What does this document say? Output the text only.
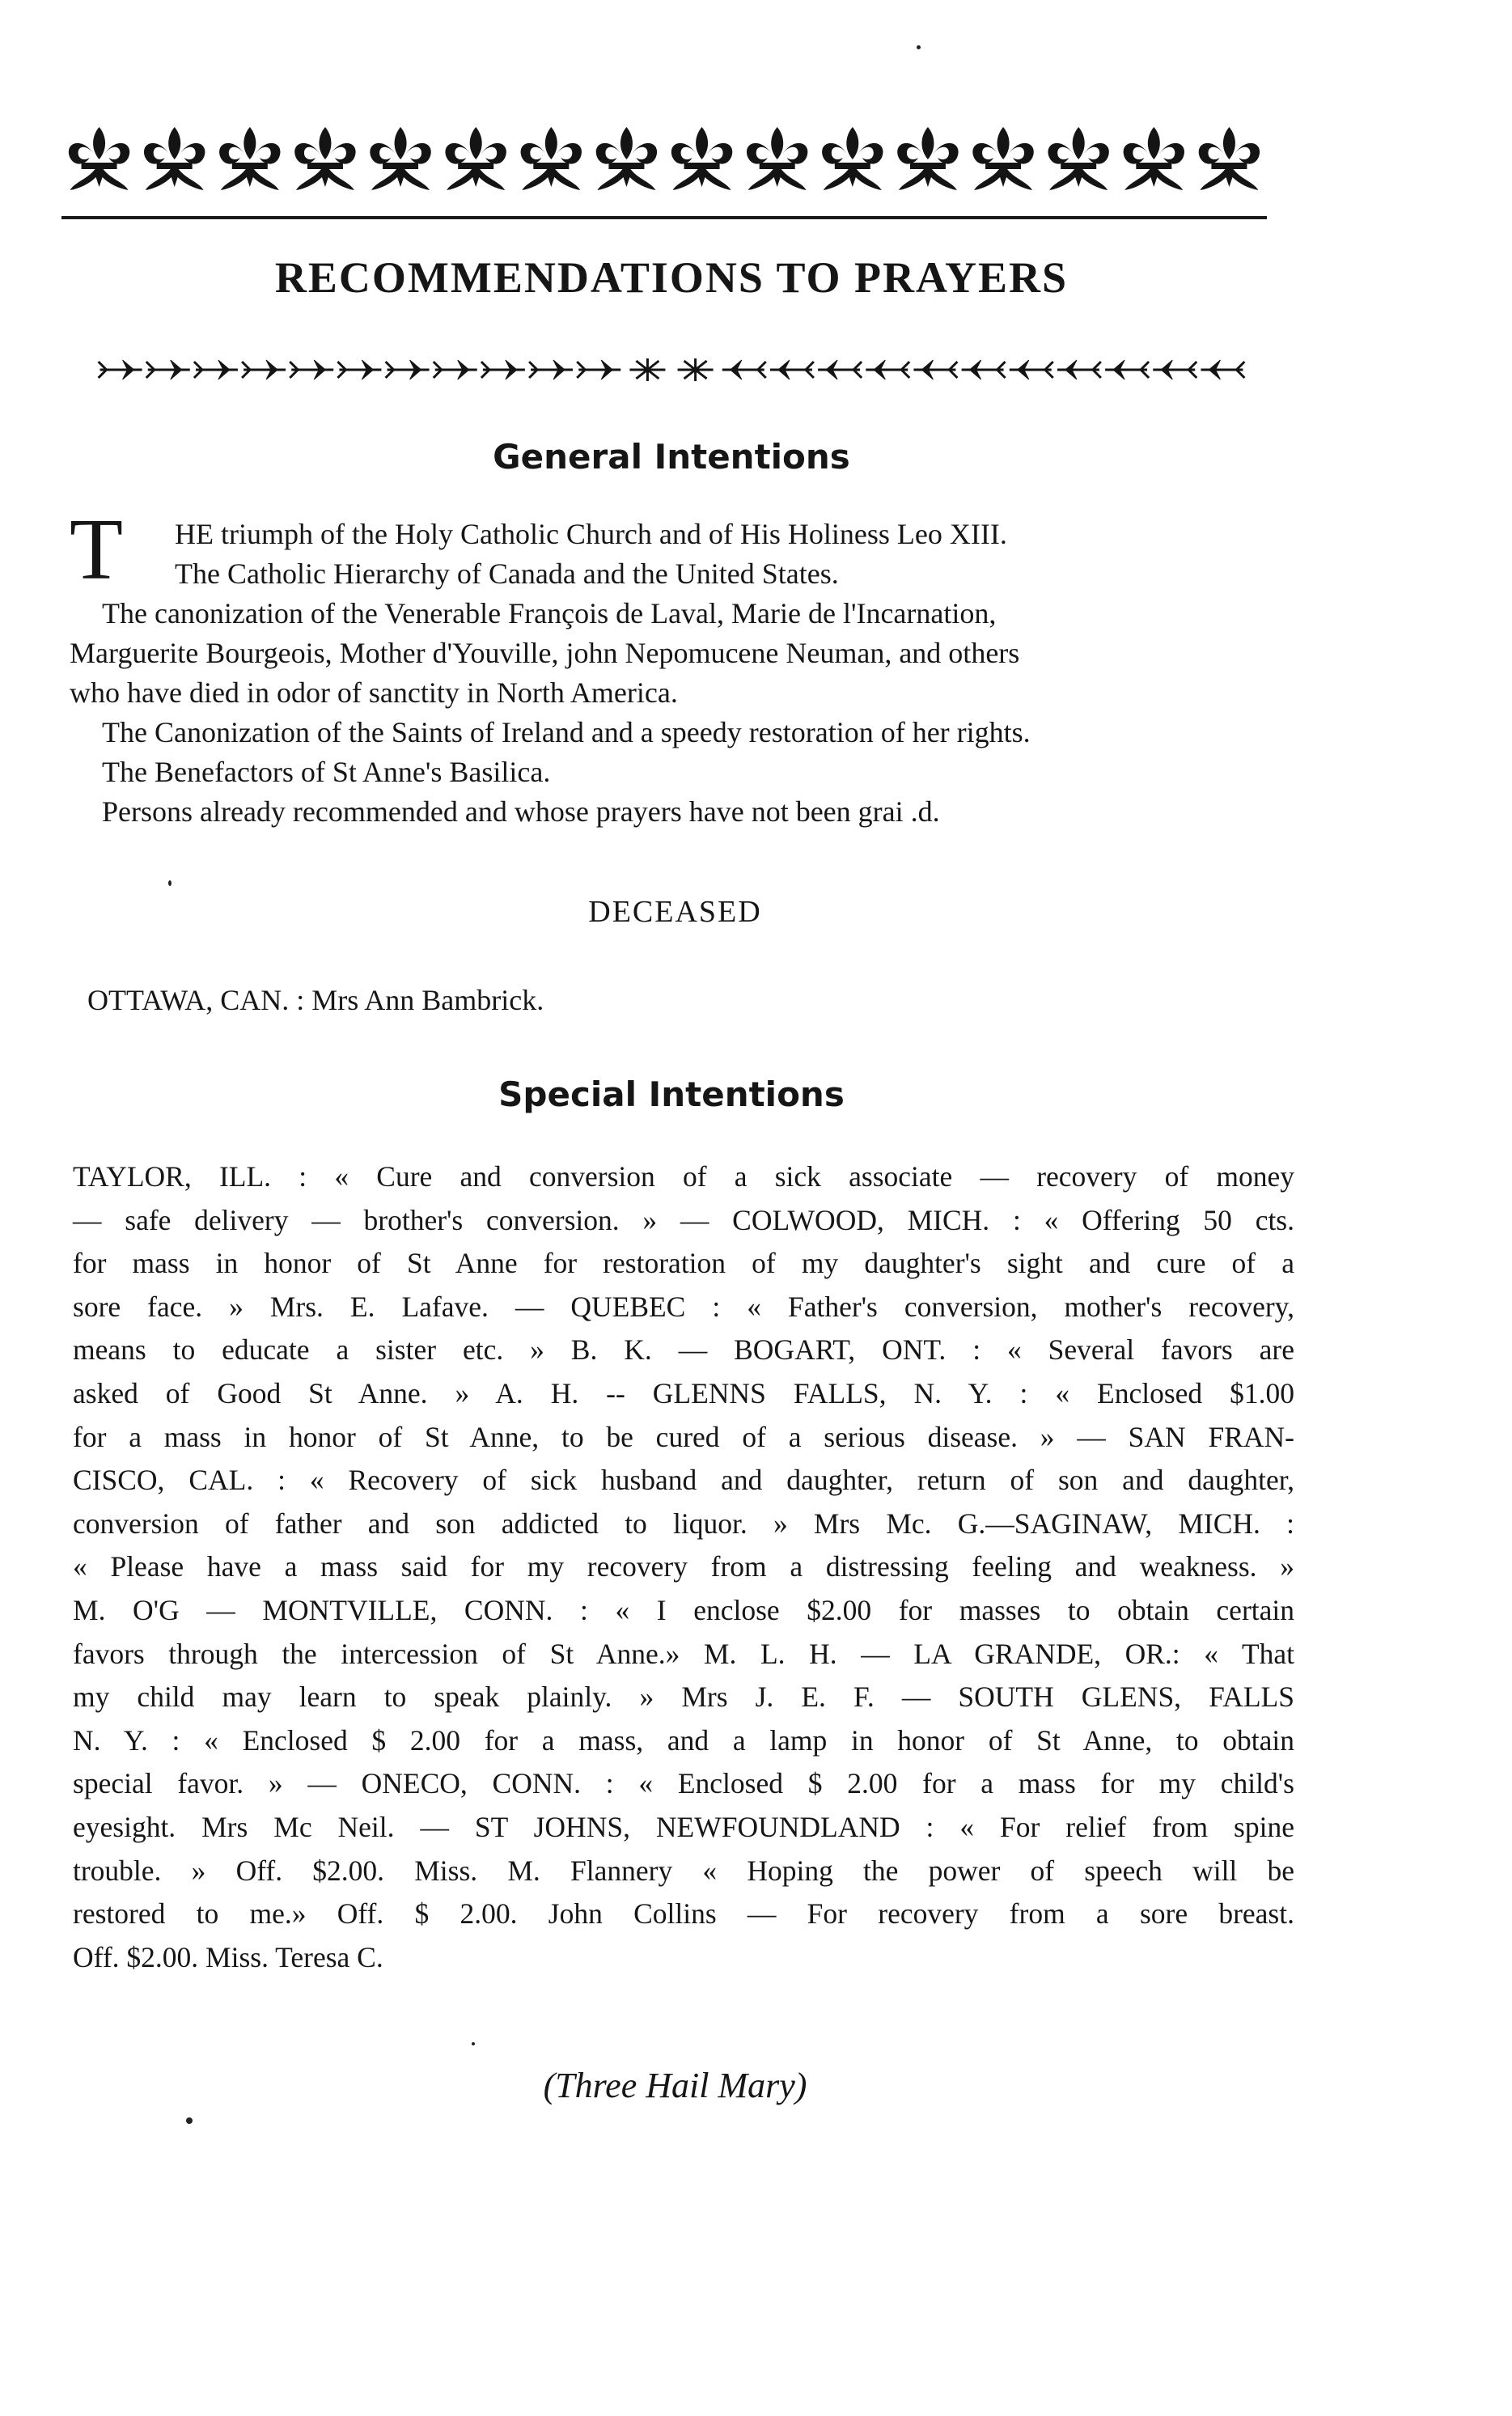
RECOMMENDATIONS TO PRAYERS
General Intentions

T HE triumph of the Holy Catholic Church and of His Holiness Leo XIII.

The Catholic Hierarchy of Canada and the United States.

The canonization of the Venerable François de Laval, Marie de l'Incarnation,

Marguerite Bourgeois, Mother d'Youville, john Nepomucene Neuman, and others

who have died in odor of sanctity in North America.

The Canonization of the Saints of Ireland and a speedy restoration of her rights.

The Benefactors of St Anne's Basilica.

Persons already recommended and whose prayers have not been grai .d.

DECEASED
OTTAWA, CAN. : Mrs Ann Bambrick.
Special Intentions
TAYLOR, ILL. : « Cure and conversion of a sick associate — recovery of money
— safe delivery — brother's conversion. » — COLWOOD, MICH. : « Offering 50 cts.
for mass in honor of St Anne for restoration of my daughter's sight and cure of a
sore face. » Mrs. E. Lafave. — QUEBEC : « Father's conversion, mother's recovery,
means to educate a sister etc. » B. K. — BOGART, ONT. : « Several favors are
asked of Good St Anne. » A. H. -- GLENNS FALLS, N. Y. : « Enclosed $1.00
for a mass in honor of St Anne, to be cured of a serious disease. » — SAN FRAN-
CISCO, CAL. : « Recovery of sick husband and daughter, return of son and daughter,
conversion of father and son addicted to liquor. » Mrs Mc. G.—SAGINAW, MICH. :
« Please have a mass said for my recovery from a distressing feeling and weakness. »
M. O'G — MONTVILLE, CONN. : « I enclose $2.00 for masses to obtain certain
favors through the intercession of St Anne.» M. L. H. — LA GRANDE, OR.: « That
my child may learn to speak plainly. » Mrs J. E. F. — SOUTH GLENS, FALLS
N. Y. : « Enclosed $ 2.00 for a mass, and a lamp in honor of St Anne, to obtain
special favor. » — ONECO, CONN. : « Enclosed $ 2.00 for a mass for my child's
eyesight. Mrs Mc Neil. — ST JOHNS, NEWFOUNDLAND : « For relief from spine
trouble. » Off. $2.00. Miss. M. Flannery « Hoping the power of speech will be
restored to me.» Off. $ 2.00. John Collins — For recovery from a sore breast.
Off. $2.00. Miss. Teresa C.
(Three Hail Mary)
